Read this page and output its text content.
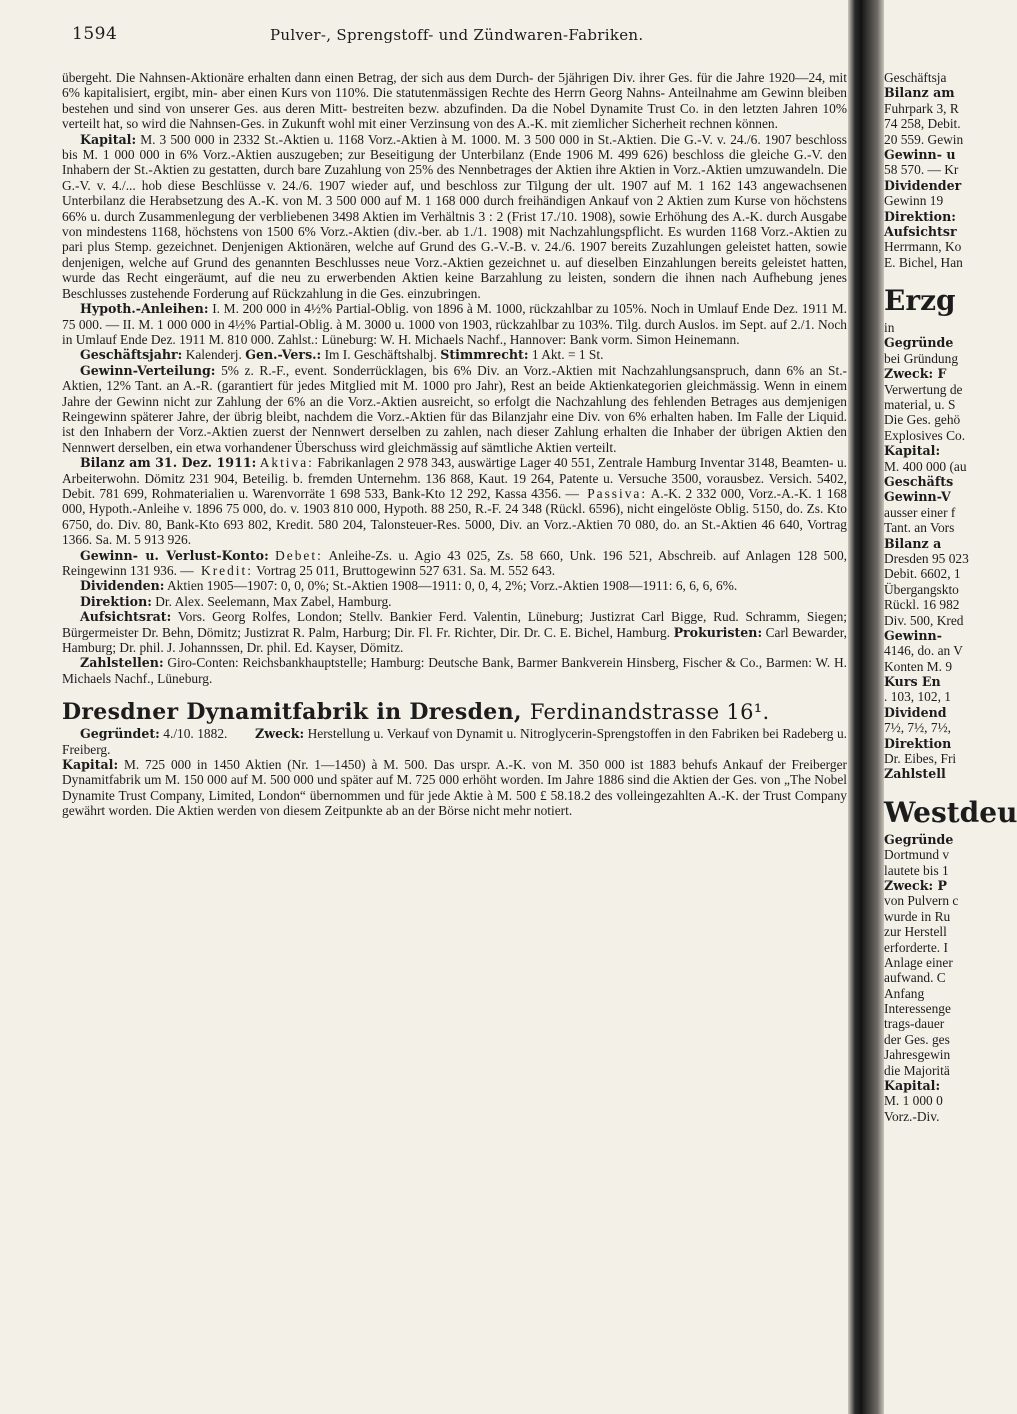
1594	Pulver-, Sprengstoff- und Zündwaren-Fabriken.

übergeht. Die Nahnsen-Aktionäre erhalten dann einen Betrag, der sich aus dem Durch- der 5jährigen Div. ihrer Ges. für die Jahre 1920—24, mit 6% kapitalisiert, ergibt, min- aber einen Kurs von 110%. Die statutenmässigen Rechte des Herrn Georg Nahns- Anteilnahme am Gewinn bleiben bestehen und sind von unserer Ges. aus deren Mitt- bestreiten bezw. abzufinden. Da die Nobel Dynamite Trust Co. in den letzten Jahren 10% verteilt hat, so wird die Nahnsen-Ges. in Zukunft wohl mit einer Verzinsung von des A.-K. mit ziemlicher Sicherheit rechnen können.

Kapital: M. 3 500 000 in 2332 St.-Aktien u. 1168 Vorz.-Aktien à M. 1000. M. 3 500 000 in St.-Aktien. Die G.-V. v. 24./6. 1907 beschloss bis M. 1 000 000 in 6% Vorz.-Aktien auszugeben; zur Beseitigung der Unterbilanz (Ende 1906 M. 499 626) beschloss die gleiche G.-V. den Inhabern der St.-Aktien zu gestatten, durch bare Zuzahlung von 25% des Nennbetrages der Aktien ihre Aktien in Vorz.-Aktien umzuwandeln. Die G.-V. v. 4./... hob diese Beschlüsse v. 24./6. 1907 wieder auf, und beschloss zur Tilgung der ult. 1907 auf M. 1 162 143 angewachsenen Unterbilanz die Herabsetzung des A.-K. von M. 3 500 000 auf M. 1 168 000 durch freihändigen Ankauf von 2 Aktien zum Kurse von höchstens 66% u. durch Zusammenlegung der verbliebenen 3498 Aktien im Verhältnis 3 : 2 (Frist 17./10. 1908), sowie Erhöhung des A.-K. durch Ausgabe von mindestens 1168, höchstens von 1500 6% Vorz.-Aktien (div.-ber. ab 1./1. 1908) mit Nachzahlungspflicht. Es wurden 1168 Vorz.-Aktien zu pari plus Stemp. gezeichnet. Denjenigen Aktionären, welche auf Grund des G.-V.-B. v. 24./6. 1907 bereits Zuzahlungen geleistet hatten, sowie denjenigen, welche auf Grund des genannten Beschlusses neue Vorz.-Aktien gezeichnet u. auf dieselben Einzahlungen bereits geleistet hatten, wurde das Recht eingeräumt, auf die neu zu erwerbenden Aktien keine Barzahlung zu leisten, sondern die ihnen nach Aufhebung jenes Beschlusses zustehende Forderung auf Rückzahlung in die Ges. einzubringen.

Hypoth.-Anleihen: I. M. 200 000 in 4½% Partial-Oblig. von 1896 à M. 1000, rückzahlbar zu 105%. Noch in Umlauf Ende Dez. 1911 M. 75 000. — II. M. 1 000 000 in 4½% Partial-Oblig. à M. 3000 u. 1000 von 1903, rückzahlbar zu 103%. Tilg. durch Auslos. im Sept. auf 2./1. Noch in Umlauf Ende Dez. 1911 M. 810 000. Zahlst.: Lüneburg: W. H. Michaels Nachf., Hannover: Bank vorm. Simon Heinemann.

Geschäftsjahr: Kalenderj. Gen.-Vers.: Im I. Geschäftshalbj. Stimmrecht: 1 Akt. = 1 St.

Gewinn-Verteilung: 5% z. R.-F., event. Sonderrücklagen, bis 6% Div. an Vorz.-Aktien mit Nachzahlungsanspruch, dann 6% an St.-Aktien, 12% Tant. an A.-R. (garantiert für jedes Mitglied mit M. 1000 pro Jahr), Rest an beide Aktienkategorien gleichmässig. Wenn in einem Jahre der Gewinn nicht zur Zahlung der 6% an die Vorz.-Aktien ausreicht, so erfolgt die Nachzahlung des fehlenden Betrages aus demjenigen Reingewinn späterer Jahre, der übrig bleibt, nachdem die Vorz.-Aktien für das Bilanzjahr eine Div. von 6% erhalten haben. Im Falle der Liquid. ist den Inhabern der Vorz.-Aktien zuerst der Nennwert derselben zu zahlen, nach dieser Zahlung erhalten die Inhaber der übrigen Aktien den Nennwert derselben, ein etwa vorhandener Überschuss wird gleichmässig auf sämtliche Aktien verteilt.

Bilanz am 31. Dez. 1911: Aktiva: Fabrikanlagen 2 978 343, auswärtige Lager 40 551, Zentrale Hamburg Inventar 3148, Beamten- u. Arbeiterwohn. Dömitz 231 904, Beteilig. b. fremden Unternehm. 136 868, Kaut. 19 264, Patente u. Versuche 3500, vorausbez. Versich. 5402, Debit. 781 699, Rohmaterialien u. Warenvorräte 1 698 533, Bank-Kto 12 292, Kassa 4356. — Passiva: A.-K. 2 332 000, Vorz.-A.-K. 1 168 000, Hypoth.-Anleihe v. 1896 75 000, do. v. 1903 810 000, Hypoth. 88 250, R.-F. 24 348 (Rückl. 6596), nicht eingelöste Oblig. 5150, do. Zs. Kto 6750, do. Div. 80, Bank-Kto 693 802, Kredit. 580 204, Talonsteuer-Res. 5000, Div. an Vorz.-Aktien 70 080, do. an St.-Aktien 46 640, Vortrag 1366. Sa. M. 5 913 926.

Gewinn- u. Verlust-Konto: Debet: Anleihe-Zs. u. Agio 43 025, Zs. 58 660, Unk. 196 521, Abschreib. auf Anlagen 128 500, Reingewinn 131 936. — Kredit: Vortrag 25 011, Bruttogewinn 527 631. Sa. M. 552 643.

Dividenden: Aktien 1905—1907: 0, 0, 0%; St.-Aktien 1908—1911: 0, 0, 4, 2%; Vorz.-Aktien 1908—1911: 6, 6, 6, 6%.

Direktion: Dr. Alex. Seelemann, Max Zabel, Hamburg.

Aufsichtsrat: Vors. Georg Rolfes, London; Stellv. Bankier Ferd. Valentin, Lüneburg; Justizrat Carl Bigge, Rud. Schramm, Siegen; Bürgermeister Dr. Behn, Dömitz; Justizrat R. Palm, Harburg; Dir. Fl. Fr. Richter, Dir. Dr. C. E. Bichel, Hamburg. Prokuristen: Carl Bewarder, Hamburg; Dr. phil. J. Johannssen, Dr. phil. Ed. Kayser, Dömitz.

Zahlstellen: Giro-Conten: Reichsbankhauptstelle; Hamburg: Deutsche Bank, Barmer Bankverein Hinsberg, Fischer & Co., Barmen: W. H. Michaels Nachf., Lüneburg.

Dresdner Dynamitfabrik in Dresden, Ferdinandstrasse 16¹.

Gegründet: 4./10. 1882. Zweck: Herstellung u. Verkauf von Dynamit u. Nitroglycerin-Sprengstoffen in den Fabriken bei Radeberg u. Freiberg.

Kapital: M. 725 000 in 1450 Aktien (Nr. 1—1450) à M. 500. Das urspr. A.-K. von M. 350 000 ist 1883 behufs Ankauf der Freiberger Dynamitfabrik um M. 150 000 auf M. 500 000 und später auf M. 725 000 erhöht worden. Im Jahre 1886 sind die Aktien der Ges. von „The Nobel Dynamite Trust Company, Limited, London“ übernommen und für jede Aktie à M. 500 £ 58.18.2 des volleingezahlten A.-K. der Trust Company gewährt worden. Die Aktien werden von diesem Zeitpunkte ab an der Börse nicht mehr notiert.

Geschäftsja
Bilanz am
Fuhrpark 3, R
74 258, Debit.
20 559. Gewin
Gewinn- u
58 570. — Kr
Dividender
Gewinn 19
Direktion:
Aufsichtsr
Herrmann, Ko
E. Bichel, Han
Erzg
in
Gegründe
bei Gründung
Zweck: F
Verwertung de
material, u. S
Die Ges. gehö
Explosives Co.
Kapital:
M. 400 000 (au
Geschäfts
Gewinn-V
ausser einer f
Tant. an Vors
Bilanz a
Dresden 95 023
Debit. 6602, 1
Übergangskto
Rückl. 16 982
Div. 500, Kred
Gewinn-
4146, do. an V
Konten M. 9
Kurs En
. 103, 102, 1
Dividend
7½, 7½, 7½,
Direktion
Dr. Eibes, Fri
Zahlstell
Westdeu
Gegründe
Dortmund v
lautete bis 1
Zweck: P
von Pulvern c
wurde in Ru
zur Herstell
erforderte. I
Anlage einer
aufwand. C
Anfang
Interessenge
trags-dauer
der Ges. ges
Jahresgewin
die Majoritä
Kapital:
M. 1 000 0
Vorz.-Div.
